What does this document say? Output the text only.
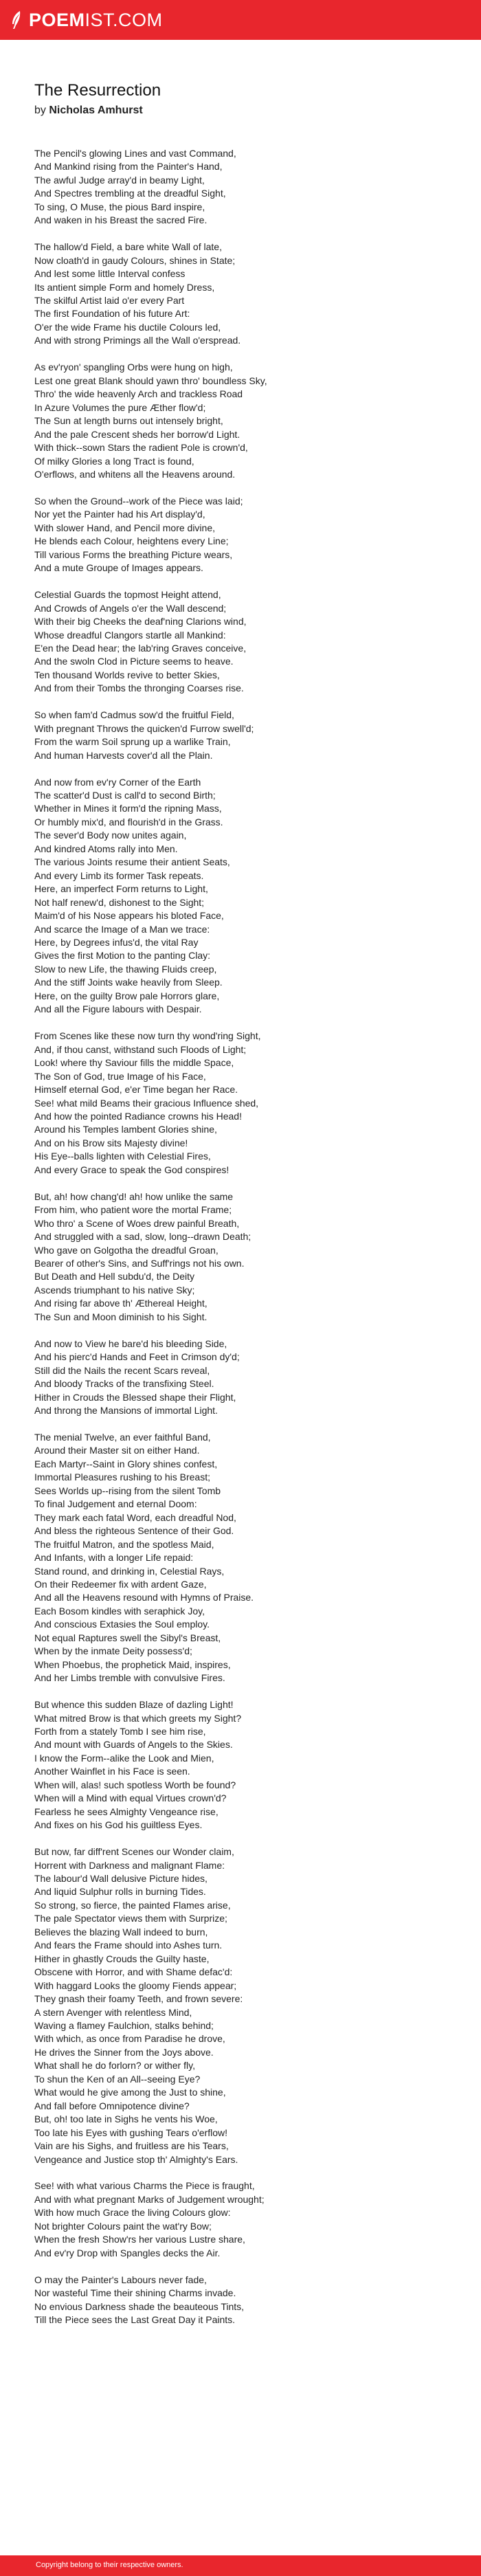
POEM IST.COM
The Resurrection
by Nicholas Amhurst
The Pencil's glowing Lines and vast Command,
And Mankind rising from the Painter's Hand,
The awful Judge array'd in beamy Light,
And Spectres trembling at the dreadful Sight,
To sing, O Muse, the pious Bard inspire,
And waken in his Breast the sacred Fire.
The hallow'd Field, a bare white Wall of late,
Now cloath'd in gaudy Colours, shines in State;
And lest some little Interval confess
Its antient simple Form and homely Dress,
The skilful Artist laid o'er every Part
The first Foundation of his future Art:
O'er the wide Frame his ductile Colours led,
And with strong Primings all the Wall o'erspread.
As ev'ryon' spangling Orbs were hung on high,
Lest one great Blank should yawn thro' boundless Sky,
Thro' the wide heavenly Arch and trackless Road
In Azure Volumes the pure Æther flow'd;
The Sun at length burns out intensely bright,
And the pale Crescent sheds her borrow'd Light.
With thick--sown Stars the radient Pole is crown'd,
Of milky Glories a long Tract is found,
O'erflows, and whitens all the Heavens around.
So when the Ground--work of the Piece was laid;
Nor yet the Painter had his Art display'd,
With slower Hand, and Pencil more divine,
He blends each Colour, heightens every Line;
Till various Forms the breathing Picture wears,
And a mute Groupe of Images appears.
Celestial Guards the topmost Height attend,
And Crowds of Angels o'er the Wall descend;
With their big Cheeks the deaf'ning Clarions wind,
Whose dreadful Clangors startle all Mankind:
E'en the Dead hear; the lab'ring Graves conceive,
And the swoln Clod in Picture seems to heave.
Ten thousand Worlds revive to better Skies,
And from their Tombs the thronging Coarses rise.
So when fam'd Cadmus sow'd the fruitful Field,
With pregnant Throws the quicken'd Furrow swell'd;
From the warm Soil sprung up a warlike Train,
And human Harvests cover'd all the Plain.
And now from ev'ry Corner of the Earth
The scatter'd Dust is call'd to second Birth;
Whether in Mines it form'd the ripning Mass,
Or humbly mix'd, and flourish'd in the Grass.
The sever'd Body now unites again,
And kindred Atoms rally into Men.
The various Joints resume their antient Seats,
And every Limb its former Task repeats.
Here, an imperfect Form returns to Light,
Not half renew'd, dishonest to the Sight;
Maim'd of his Nose appears his bloted Face,
And scarce the Image of a Man we trace:
Here, by Degrees infus'd, the vital Ray
Gives the first Motion to the panting Clay:
Slow to new Life, the thawing Fluids creep,
And the stiff Joints wake heavily from Sleep.
Here, on the guilty Brow pale Horrors glare,
And all the Figure labours with Despair.
From Scenes like these now turn thy wond'ring Sight,
And, if thou canst, withstand such Floods of Light;
Look! where thy Saviour fills the middle Space,
The Son of God, true Image of his Face,
Himself eternal God, e'er Time began her Race.
See! what mild Beams their gracious Influence shed,
And how the pointed Radiance crowns his Head!
Around his Temples lambent Glories shine,
And on his Brow sits Majesty divine!
His Eye--balls lighten with Celestial Fires,
And every Grace to speak the God conspires!
But, ah! how chang'd! ah! how unlike the same
From him, who patient wore the mortal Frame;
Who thro' a Scene of Woes drew painful Breath,
And struggled with a sad, slow, long--drawn Death;
Who gave on Golgotha the dreadful Groan,
Bearer of other's Sins, and Suff'rings not his own.
But Death and Hell subdu'd, the Deity
Ascends triumphant to his native Sky;
And rising far above th' Æthereal Height,
The Sun and Moon diminish to his Sight.
And now to View he bare'd his bleeding Side,
And his pierc'd Hands and Feet in Crimson dy'd;
Still did the Nails the recent Scars reveal,
And bloody Tracks of the transfixing Steel.
Hither in Crouds the Blessed shape their Flight,
And throng the Mansions of immortal Light.
The menial Twelve, an ever faithful Band,
Around their Master sit on either Hand.
Each Martyr--Saint in Glory shines confest,
Immortal Pleasures rushing to his Breast;
Sees Worlds up--rising from the silent Tomb
To final Judgement and eternal Doom:
They mark each fatal Word, each dreadful Nod,
And bless the righteous Sentence of their God.
The fruitful Matron, and the spotless Maid,
And Infants, with a longer Life repaid:
Stand round, and drinking in, Celestial Rays,
On their Redeemer fix with ardent Gaze,
And all the Heavens resound with Hymns of Praise.
Each Bosom kindles with seraphick Joy,
And conscious Extasies the Soul employ.
Not equal Raptures swell the Sibyl's Breast,
When by the inmate Deity possess'd;
When Phoebus, the prophetick Maid, inspires,
And her Limbs tremble with convulsive Fires.
But whence this sudden Blaze of dazling Light!
What mitred Brow is that which greets my Sight?
Forth from a stately Tomb I see him rise,
And mount with Guards of Angels to the Skies.
I know the Form--alike the Look and Mien,
Another Wainflet in his Face is seen.
When will, alas! such spotless Worth be found?
When will a Mind with equal Virtues crown'd?
Fearless he sees Almighty Vengeance rise,
And fixes on his God his guiltless Eyes.
But now, far diff'rent Scenes our Wonder claim,
Horrent with Darkness and malignant Flame:
The labour'd Wall delusive Picture hides,
And liquid Sulphur rolls in burning Tides.
So strong, so fierce, the painted Flames arise,
The pale Spectator views them with Surprize;
Believes the blazing Wall indeed to burn,
And fears the Frame should into Ashes turn.
Hither in ghastly Crouds the Guilty haste,
Obscene with Horror, and with Shame defac'd:
With haggard Looks the gloomy Fiends appear;
They gnash their foamy Teeth, and frown severe:
A stern Avenger with relentless Mind,
Waving a flamey Faulchion, stalks behind;
With which, as once from Paradise he drove,
He drives the Sinner from the Joys above.
What shall he do forlorn? or wither fly,
To shun the Ken of an All--seeing Eye?
What would he give among the Just to shine,
And fall before Omnipotence divine?
But, oh! too late in Sighs he vents his Woe,
Too late his Eyes with gushing Tears o'erflow!
Vain are his Sighs, and fruitless are his Tears,
Vengeance and Justice stop th' Almighty's Ears.
See! with what various Charms the Piece is fraught,
And with what pregnant Marks of Judgement wrought;
With how much Grace the living Colours glow:
Not brighter Colours paint the wat'ry Bow;
When the fresh Show'rs her various Lustre share,
And ev'ry Drop with Spangles decks the Air.
O may the Painter's Labours never fade,
Nor wasteful Time their shining Charms invade.
No envious Darkness shade the beauteous Tints,
Till the Piece sees the Last Great Day it Paints.
Copyright belong to their respective owners.
